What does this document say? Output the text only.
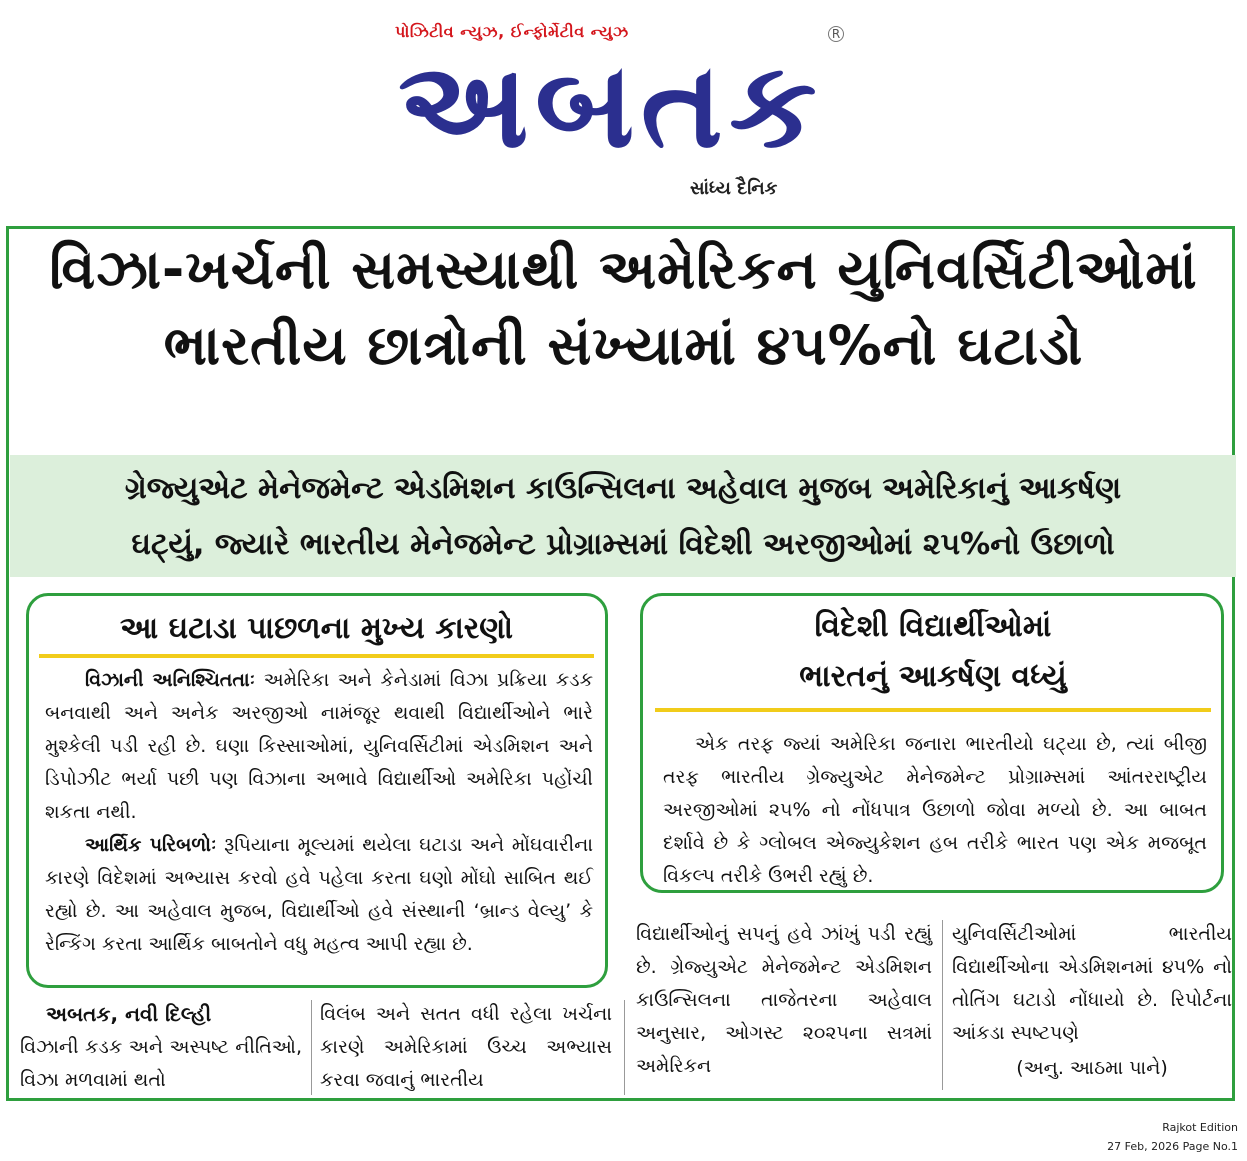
પોઝિટીવ ન્યુઝ, ઈન્ફોર્મેટીવ ન્યુઝ
અબતક
R
સાંધ્ય દૈનિક
વિઝા-ખર્ચની સમસ્યાથી અમેરિકન યુનિવર્સિટીઓમાં
ભારતીય છાત્રોની સંખ્યામાં ૪૫%નો ઘટાડો
ગ્રેજ્યુએટ મેનેજમેન્ટ એડમિશન કાઉન્સિલના અહેવાલ મુજબ અમેરિકાનું આકર્ષણ
ઘટ્યું, જ્યારે ભારતીય મેનેજમેન્ટ પ્રોગ્રામ્સમાં વિદેશી અરજીઓમાં ૨૫%નો ઉછાળો
આ ઘટાડા પાછળના મુખ્ય કારણો

વિઝાની અનિશ્ચિતતાઃ અમેરિકા અને કેનેડામાં વિઝા પ્રક્રિયા કડક બનવાથી અને અનેક અરજીઓ નામંજૂર થવાથી વિદ્યાર્થીઓને ભારે મુશ્કેલી પડી રહી છે. ઘણા કિસ્સાઓમાં, યુનિવર્સિટીમાં એડમિશન અને ડિપોઝીટ ભર્યા પછી પણ વિઝાના અભાવે વિદ્યાર્થીઓ અમેરિકા પહોંચી શકતા નથી.

આર્થિક પરિબળોઃ રૂપિયાના મૂલ્યમાં થયેલા ઘટાડા અને મોંઘવારીના કારણે વિદેશમાં અભ્યાસ કરવો હવે પહેલા કરતા ઘણો મોંઘો સાબિત થઈ રહ્યો છે. આ અહેવાલ મુજબ, વિદ્યાર્થીઓ હવે સંસ્થાની ‘બ્રાન્ડ વેલ્યુ’ કે રેન્કિંગ કરતા આર્થિક બાબતોને વધુ મહત્વ આપી રહ્યા છે.

વિદેશી વિદ્યાર્થીઓમાં
ભારતનું આકર્ષણ વધ્યું
એક તરફ જ્યાં અમેરિકા જનારા ભારતીયો ઘટ્યા છે, ત્યાં બીજી તરફ ભારતીય ગ્રેજ્યુએટ મેનેજમેન્ટ પ્રોગ્રામ્સમાં આંતરરાષ્ટ્રીય અરજીઓમાં ૨૫% નો નોંધપાત્ર ઉછાળો જોવા મળ્યો છે. આ બાબત દર્શાવે છે કે ગ્લોબલ એજ્યુકેશન હબ તરીકે ભારત પણ એક મજબૂત વિકલ્પ તરીકે ઉભરી રહ્યું છે.
અબતક, નવી દિલ્હી
વિઝાની કડક અને અસ્પષ્ટ નીતિઓ, વિઝા મળવામાં થતો
વિલંબ અને સતત વધી રહેલા ખર્ચના કારણે અમેરિકામાં ઉચ્ચ અભ્યાસ કરવા જવાનું ભારતીય
વિદ્યાર્થીઓનું સપનું હવે ઝાંખું પડી રહ્યું છે. ગ્રેજ્યુએટ મેનેજમેન્ટ એડમિશન કાઉન્સિલના તાજેતરના અહેવાલ અનુસાર, ઓગસ્ટ ૨૦૨૫ના સત્રમાં અમેરિકન
યુનિવર્સિટીઓમાં ભારતીય વિદ્યાર્થીઓના એડમિશનમાં ૪૫% નો તોતિંગ ઘટાડો નોંધાયો છે. રિપોર્ટના આંકડા સ્પષ્ટપણે
(અનુ. આઠમા પાને)
Rajkot Edition
27 Feb, 2026 Page No.1
